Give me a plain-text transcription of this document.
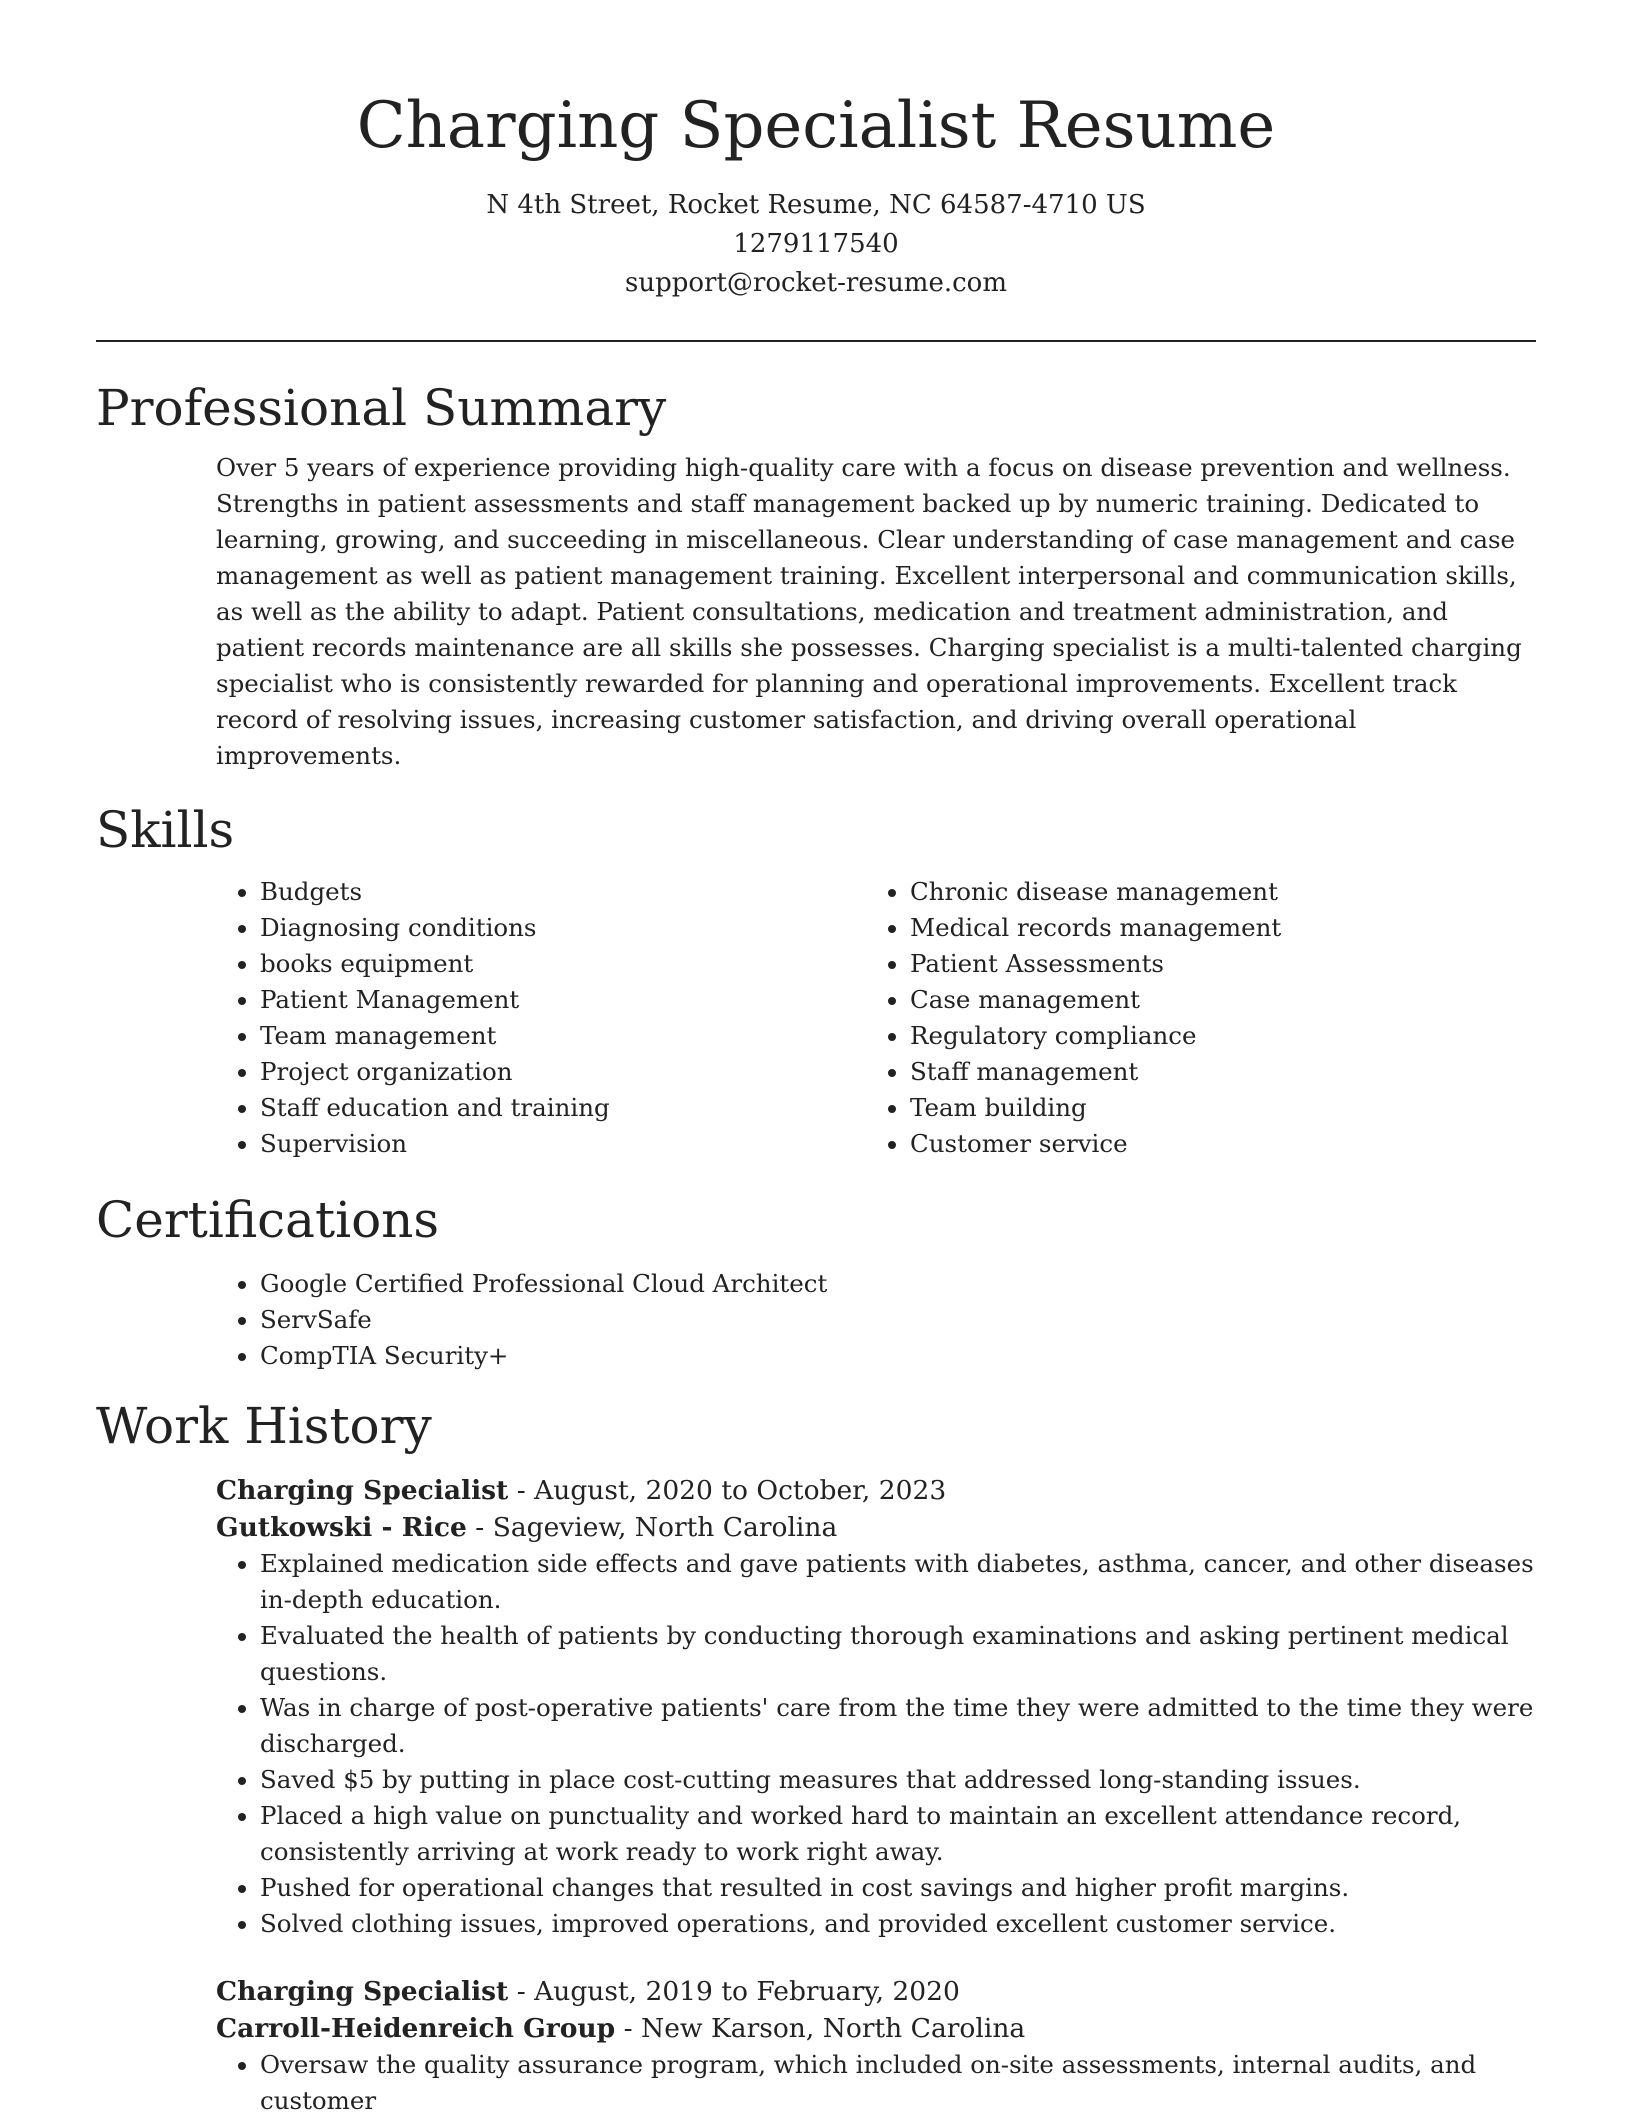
Charging Specialist Resume

N 4th Street, Rocket Resume, NC 64587-4710 US

1279117540

support@rocket-resume.com

Professional Summary

Over 5 years of experience providing high-quality care with a focus on disease prevention and wellness. Strengths in patient assessments and staff management backed up by numeric training. Dedicated to learning, growing, and succeeding in miscellaneous. Clear understanding of case management and case management as well as patient management training. Excellent interpersonal and communication skills, as well as the ability to adapt. Patient consultations, medication and treatment administration, and patient records maintenance are all skills she possesses. Charging specialist is a multi-talented charging specialist who is consistently rewarded for planning and operational improvements. Excellent track record of resolving issues, increasing customer satisfaction, and driving overall operational improvements.

Skills
• Budgets
• Diagnosing conditions
• books equipment
• Patient Management
• Team management
• Project organization
• Staff education and training
• Supervision
• Chronic disease management
• Medical records management
• Patient Assessments
• Case management
• Regulatory compliance
• Staff management
• Team building
• Customer service
Certifications
• Google Certified Professional Cloud Architect
• ServSafe
• CompTIA Security+
Work History
Charging Specialist - August, 2020 to October, 2023
Gutkowski - Rice - Sageview, North Carolina
• Explained medication side effects and gave patients with diabetes, asthma, cancer, and other diseases in-depth education.
• Evaluated the health of patients by conducting thorough examinations and asking pertinent medical questions.
• Was in charge of post-operative patients' care from the time they were admitted to the time they were discharged.
• Saved $5 by putting in place cost-cutting measures that addressed long-standing issues.
• Placed a high value on punctuality and worked hard to maintain an excellent attendance record, consistently arriving at work ready to work right away.
• Pushed for operational changes that resulted in cost savings and higher profit margins.
• Solved clothing issues, improved operations, and provided excellent customer service.
Charging Specialist - August, 2019 to February, 2020
Carroll-Heidenreich Group - New Karson, North Carolina
• Oversaw the quality assurance program, which included on-site assessments, internal audits, and customer
